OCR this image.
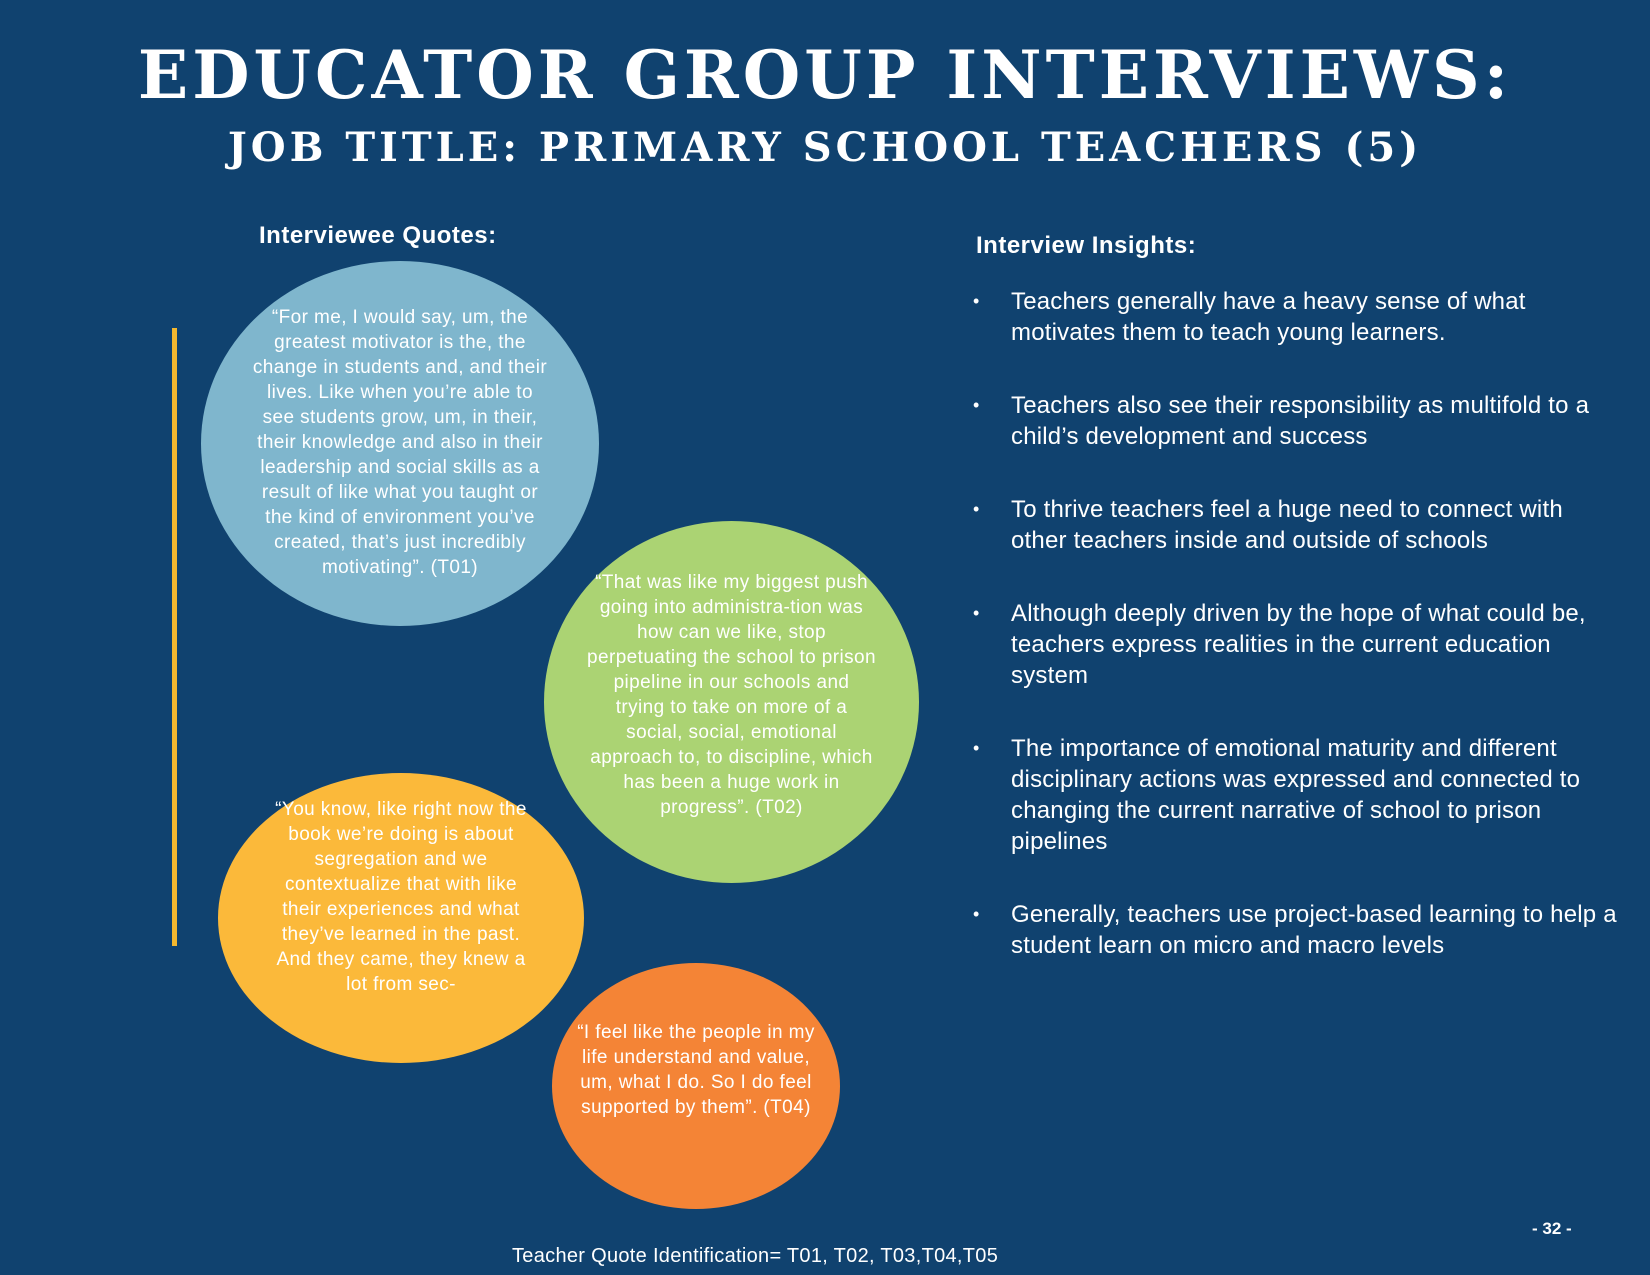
EDUCATOR GROUP INTERVIEWS:
JOB TITLE: PRIMARY SCHOOL TEACHERS (5)
Interviewee Quotes:	Interview Insights:

“For me, I would say, um, the greatest motivator is the, the change in students and, and their lives. Like when you’re able to see students grow, um, in their, their knowledge and also in their leadership and social skills as a result of like what you taught or the kind of environment you’ve created, that’s just incredibly motivating”. (T01)

“That was like my biggest push going into administra-tion was how can we like, stop perpetuating the school to prison pipeline in our schools and trying to take on more of a social, social, emotional approach to, to discipline, which has been a huge work in progress”. (T02)

“You know, like right now the book we’re doing is about segregation and we contextualize that with like their experiences and what they’ve learned in the past. And they came, they knew a lot from sec-

“I feel like the people in my life understand and value, um, what I do. So I do feel supported by them”. (T04)

• Teachers generally have a heavy sense of what motivates them to teach young learners.
• Teachers also see their responsibility as multifold to a child’s development and success
• To thrive teachers feel a huge need to connect with other teachers inside and outside of schools
• Although deeply driven by the hope of what could be, teachers express realities in the current education system
• The importance of emotional maturity and different disciplinary actions was expressed and connected to changing the current narrative of school to prison pipelines
• Generally, teachers use project-based learning to help a student learn on micro and macro levels

- 32 -

Teacher Quote Identification= T01, T02, T03,T04,T05
